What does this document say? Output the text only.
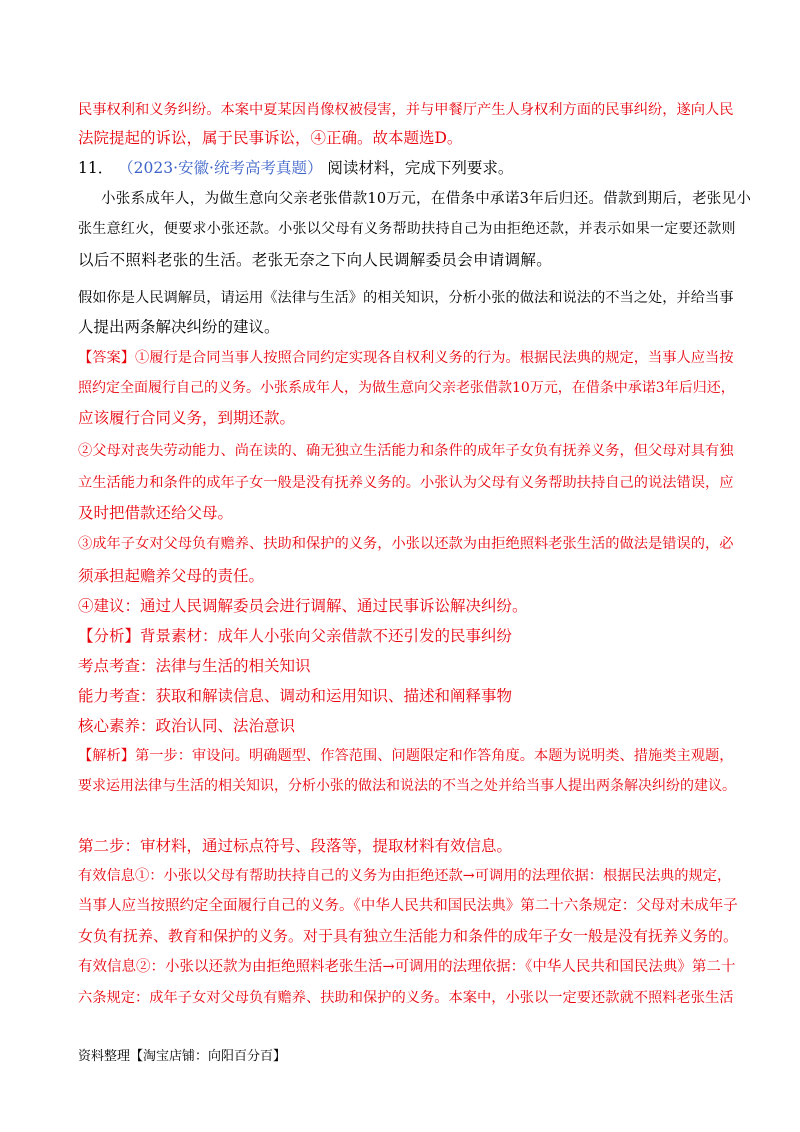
民事权利和义务纠纷。本案中夏某因肖像权被侵害，并与甲餐厅产生人身权利方面的民事纠纷，遂向人民
法院提起的诉讼，属于民事诉讼，④正确。故本题选D。
11． （2023·安徽·统考高考真题） 阅读材料，完成下列要求。
小张系成年人，为做生意向父亲老张借款10万元，在借条中承诺3年后归还。借款到期后，老张见小
张生意红火，便要求小张还款。小张以父母有义务帮助扶持自己为由拒绝还款，并表示如果一定要还款则
以后不照料老张的生活。老张无奈之下向人民调解委员会申请调解。
假如你是人民调解员，请运用《法律与生活》的相关知识，分析小张的做法和说法的不当之处，并给当事
人提出两条解决纠纷的建议。
【答案】①履行是合同当事人按照合同约定实现各自权利义务的行为。根据民法典的规定，当事人应当按
照约定全面履行自己的义务。小张系成年人，为做生意向父亲老张借款10万元，在借条中承诺3年后归还，
应该履行合同义务，到期还款。
②父母对丧失劳动能力、尚在读的、确无独立生活能力和条件的成年子女负有抚养义务，但父母对具有独
立生活能力和条件的成年子女一般是没有抚养义务的。小张认为父母有义务帮助扶持自己的说法错误，应
及时把借款还给父母。
③成年子女对父母负有赡养、扶助和保护的义务，小张以还款为由拒绝照料老张生活的做法是错误的，必
须承担起赡养父母的责任。
④建议：通过人民调解委员会进行调解、通过民事诉讼解决纠纷。
【分析】背景素材：成年人小张向父亲借款不还引发的民事纠纷
考点考查：法律与生活的相关知识
能力考查：获取和解读信息、调动和运用知识、描述和阐释事物
核心素养：政治认同、法治意识
【解析】第一步：审设问。明确题型、作答范围、问题限定和作答角度。本题为说明类、措施类主观题，
要求运用法律与生活的相关知识，分析小张的做法和说法的不当之处并给当事人提出两条解决纠纷的建议。
第二步：审材料，通过标点符号、段落等，提取材料有效信息。
有效信息①：小张以父母有帮助扶持自己的义务为由拒绝还款→可调用的法理依据：根据民法典的规定，
当事人应当按照约定全面履行自己的义务。《中华人民共和国民法典》第二十六条规定：父母对未成年子
女负有抚养、教育和保护的义务。对于具有独立生活能力和条件的成年子女一般是没有抚养义务的。
有效信息②：小张以还款为由拒绝照料老张生活→可调用的法理依据：《中华人民共和国民法典》第二十
六条规定：成年子女对父母负有赡养、扶助和保护的义务。本案中，小张以一定要还款就不照料老张生活
资料整理【淘宝店铺：向阳百分百】
